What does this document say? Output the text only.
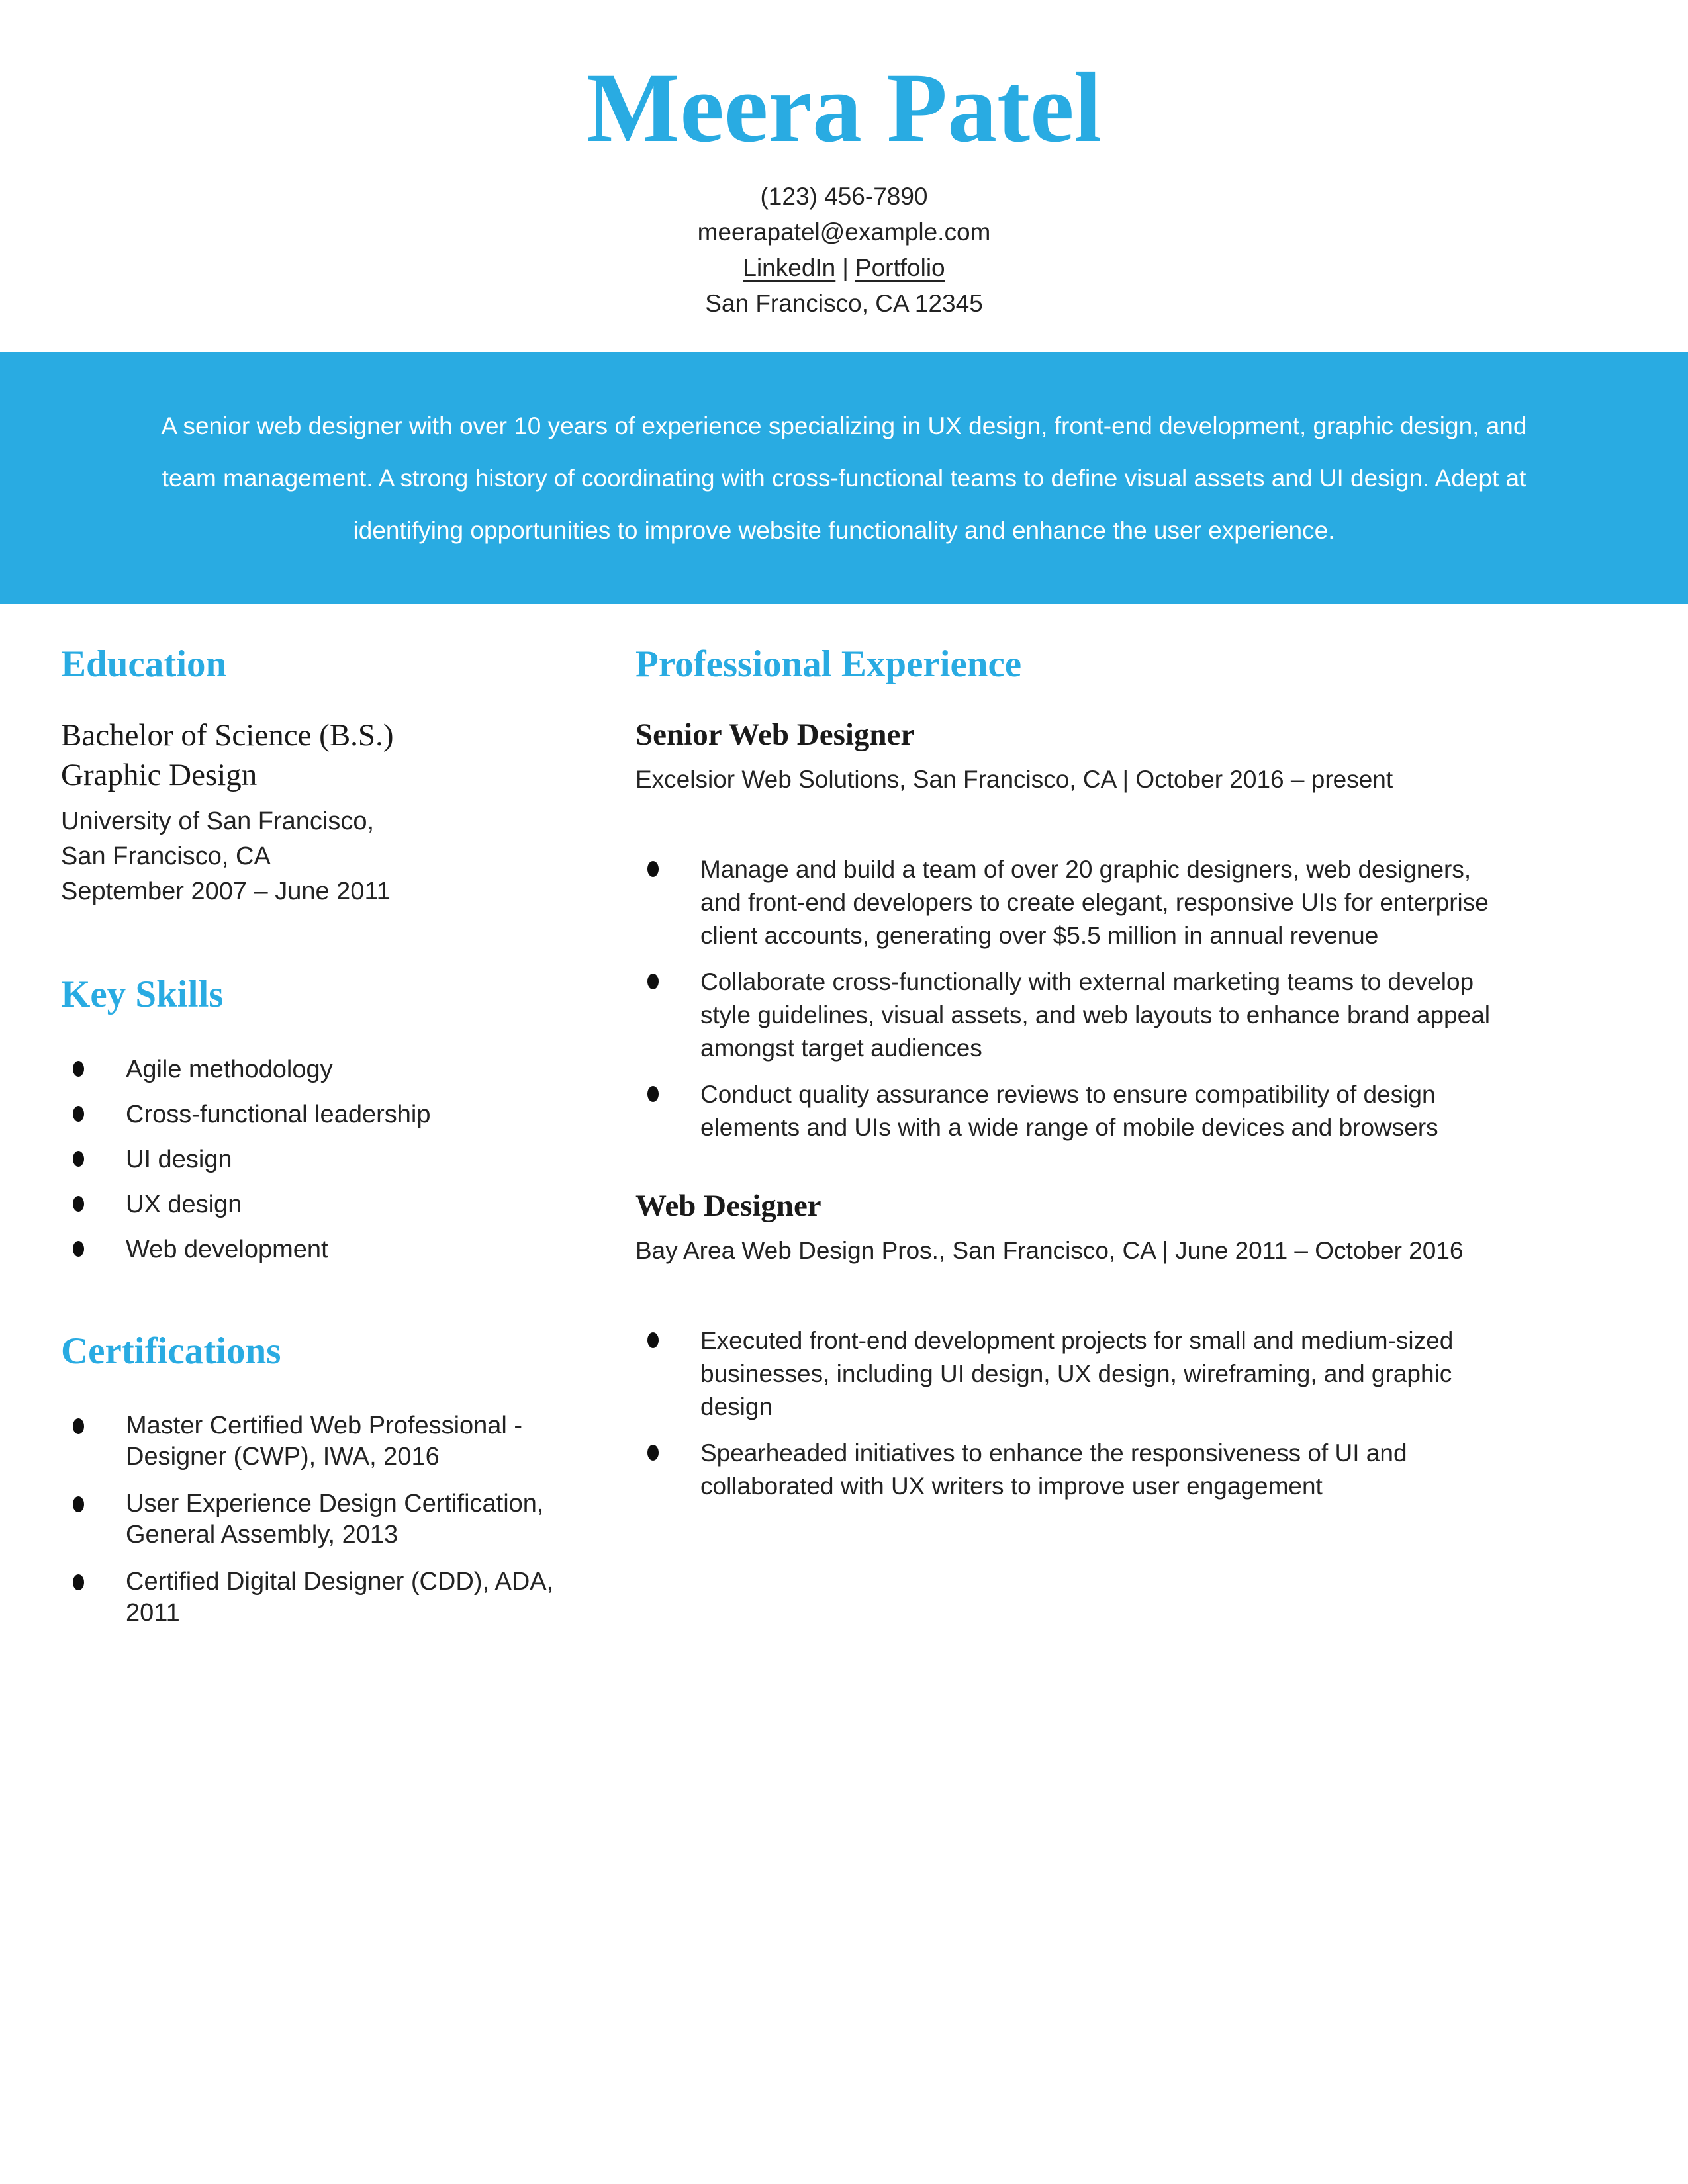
Meera Patel
(123) 456-7890
meerapatel@example.com
LinkedIn | Portfolio
San Francisco, CA 12345

A senior web designer with over 10 years of experience specializing in UX design, front-end development, graphic design, and team management. A strong history of coordinating with cross-functional teams to define visual assets and UI design. Adept at identifying opportunities to improve website functionality and enhance the user experience.

Education
Bachelor of Science (B.S.)
Graphic Design
University of San Francisco,
San Francisco, CA
September 2007 – June 2011
Key Skills
Agile methodology
Cross-functional leadership
UI design
UX design
Web development
Certifications
Master Certified Web Professional - Designer (CWP), IWA, 2016
User Experience Design Certification, General Assembly, 2013
Certified Digital Designer (CDD), ADA, 2011
Professional Experience
Senior Web Designer
Excelsior Web Solutions, San Francisco, CA | October 2016 – present
Manage and build a team of over 20 graphic designers, web designers, and front-end developers to create elegant, responsive UIs for enterprise client accounts, generating over $5.5 million in annual revenue
Collaborate cross-functionally with external marketing teams to develop style guidelines, visual assets, and web layouts to enhance brand appeal amongst target audiences
Conduct quality assurance reviews to ensure compatibility of design elements and UIs with a wide range of mobile devices and browsers
Web Designer
Bay Area Web Design Pros., San Francisco, CA | June 2011 – October 2016
Executed front-end development projects for small and medium-sized businesses, including UI design, UX design, wireframing, and graphic design
Spearheaded initiatives to enhance the responsiveness of UI and collaborated with UX writers to improve user engagement
